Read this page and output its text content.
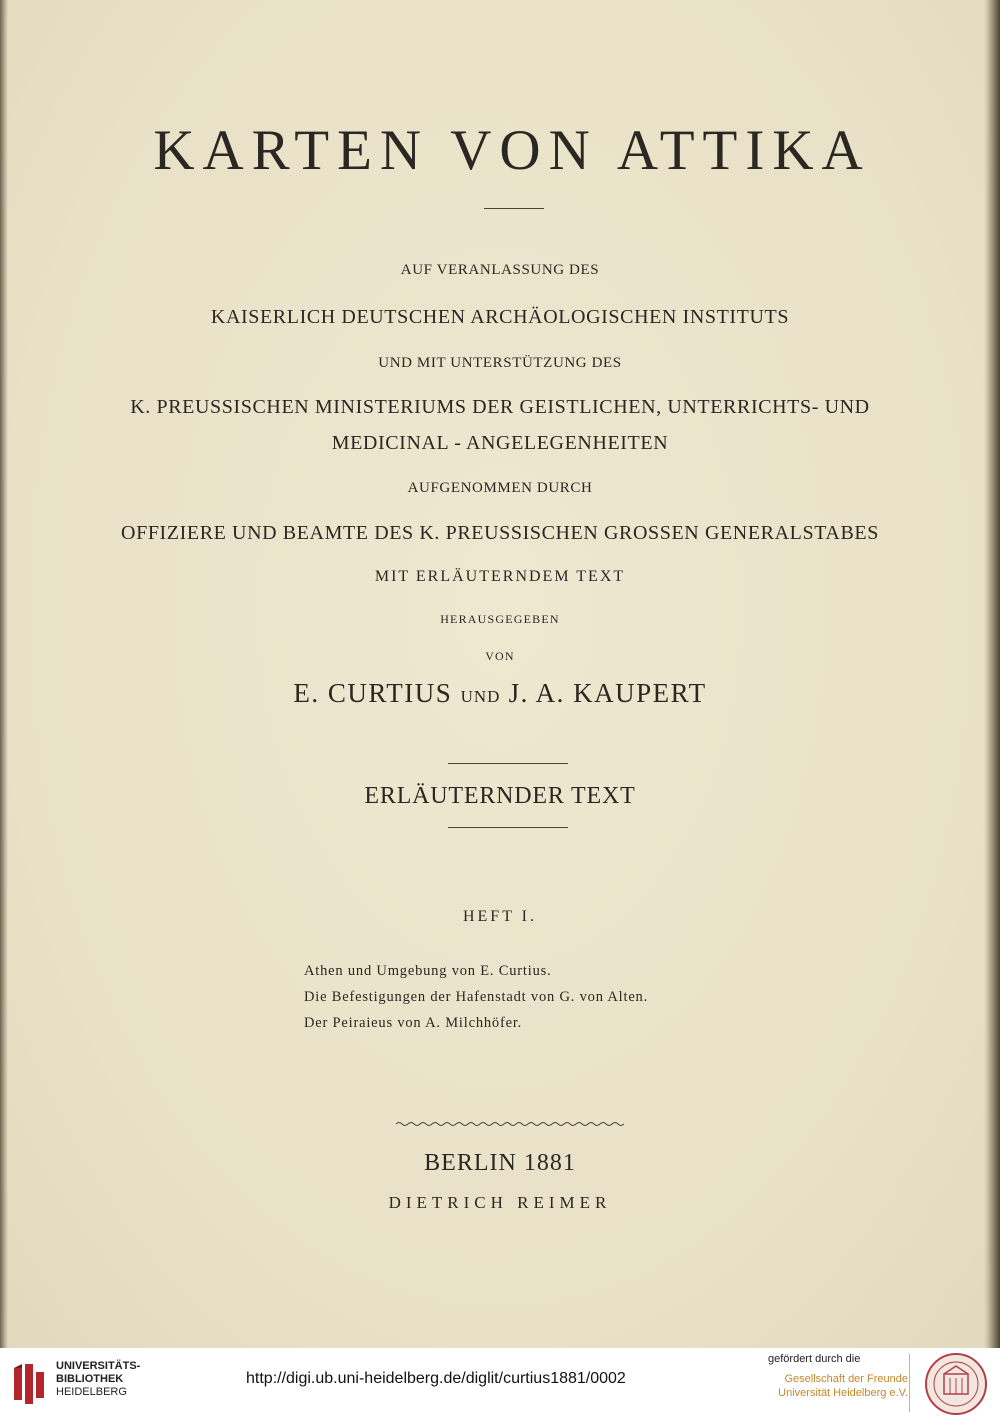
KARTEN VON ATTIKA
AUF VERANLASSUNG DES
KAISERLICH DEUTSCHEN ARCHÄOLOGISCHEN INSTITUTS
UND MIT UNTERSTÜTZUNG DES
K. PREUSSISCHEN MINISTERIUMS DER GEISTLICHEN, UNTERRICHTS- UND
MEDICINAL - ANGELEGENHEITEN
AUFGENOMMEN DURCH
OFFIZIERE UND BEAMTE DES K. PREUSSISCHEN GROSSEN GENERALSTABES
MIT ERLÄUTERNDEM TEXT
HERAUSGEGEBEN
VON
E. CURTIUS UND J. A. KAUPERT
ERLÄUTERNDER TEXT
HEFT I.
Athen und Umgebung von E. Curtius.
Die Befestigungen der Hafenstadt von G. von Alten.
Der Peiraieus von A. Milchhöfer.
BERLIN 1881
DIETRICH REIMER
UNIVERSITÄTS-
BIBLIOTHEK
HEIDELBERG
http://digi.ub.uni-heidelberg.de/diglit/curtius1881/0002
gefördert durch die
Gesellschaft der Freunde
Universität Heidelberg e.V.
